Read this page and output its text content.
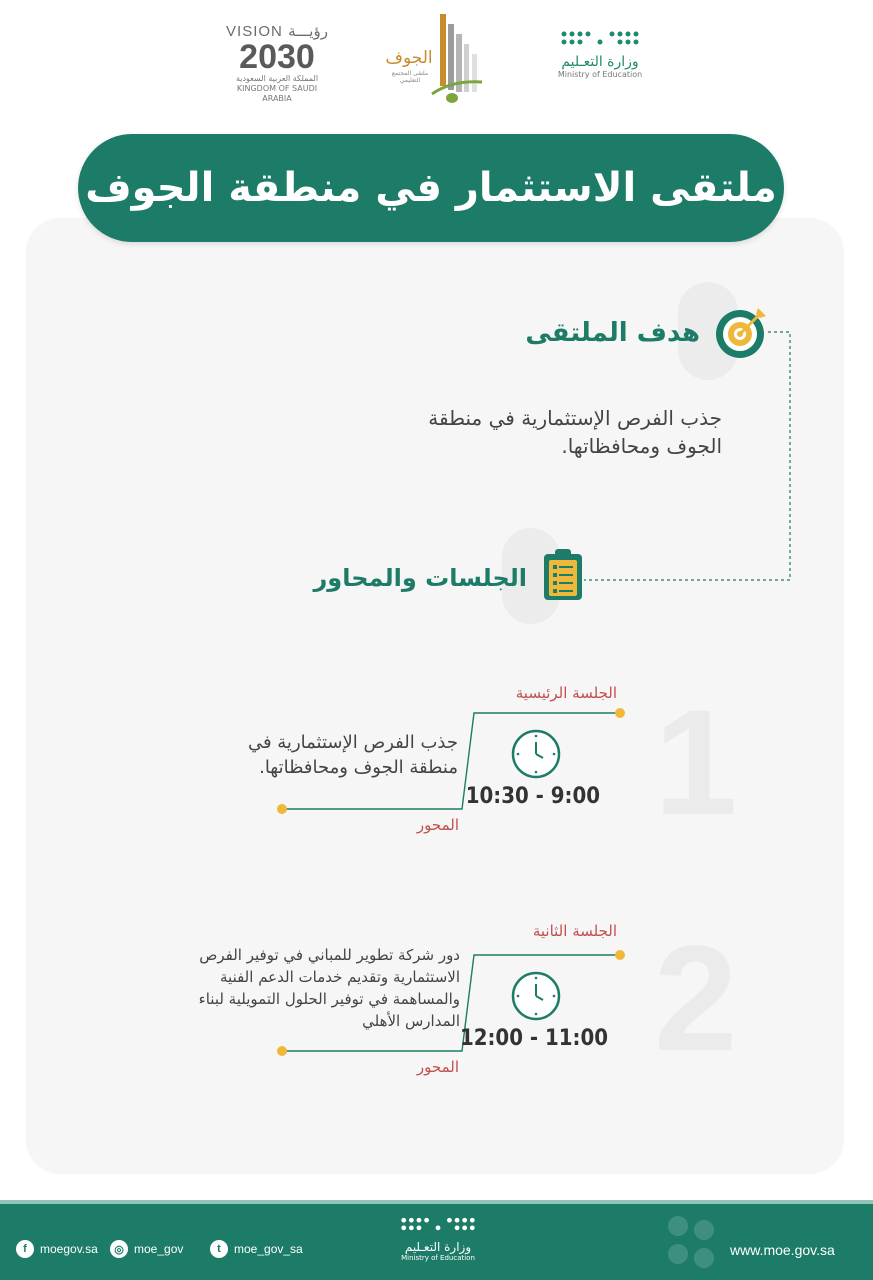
VISION رؤيـــة
2030
المملكة العربية السعودية
KINGDOM OF SAUDI ARABIA
الجوف
ملتقى المجتمع التعليمي
وزارة التعـليم
Ministry of Education
ملتقى الاستثمار في منطقة الجوف
هدف الملتقى
جذب الفرص الإستثمارية في منطقة الجوف ومحافظاتها.
الجلسات والمحاور
1
الجلسة الرئيسية
9:00 - 10:30
جذب الفرص الإستثمارية في منطقة الجوف ومحافظاتها.
المحور
2
الجلسة الثانية
11:00 - 12:00
دور شركة تطوير للمباني في توفير الفرص الاستثمارية وتقديم خدمات الدعم الفنية والمساهمة في توفير الحلول التمويلية لبناء المدارس الأهلي
المحور
f	moegov.sa	◎ moe_gov	t	moe_gov_sa	وزارة التعـليم
Ministry of Education	www.moe.gov.sa
